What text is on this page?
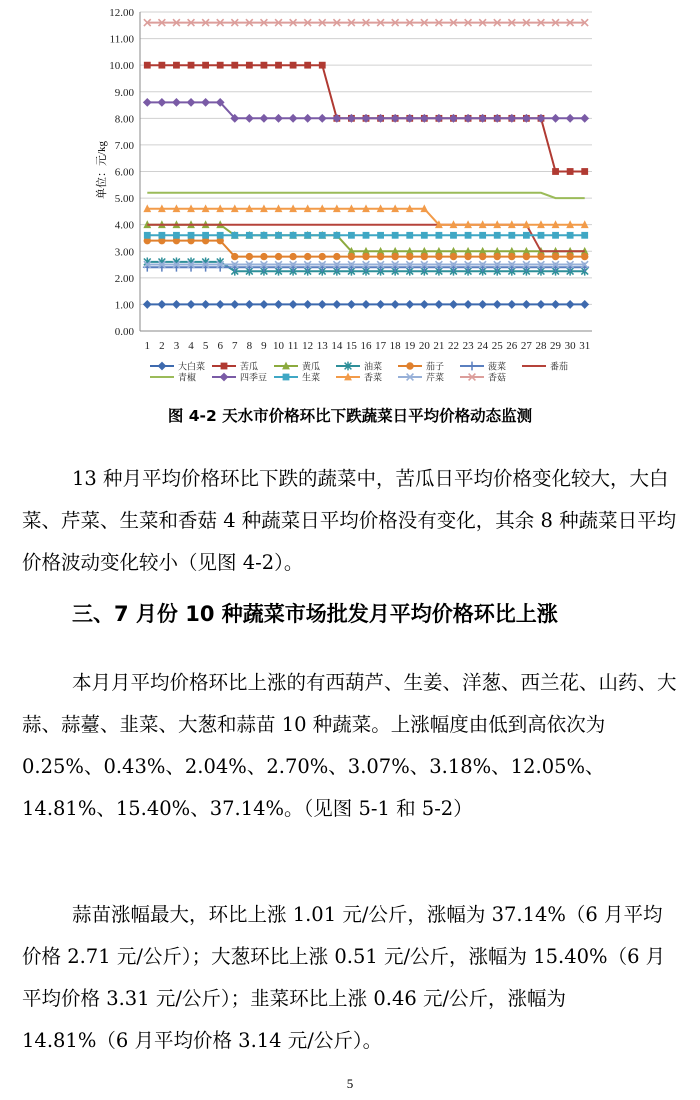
0.00
1.00
2.00
3.00
4.00
5.00
6.00
7.00
8.00
9.00
10.00
11.00
12.00
1 2 3 4 5 6 7 8 9 10 11 12 13 14 15 16 17 18 19 20 21 22 23 24 25 26 27 28 29 30 31
单位：元/kg
大白菜	苦瓜	黄瓜	油菜	茄子	菠菜	番茄
青椒	四季豆	生菜	香菜	芹菜	香菇
图 4-2 天水市价格环比下跌蔬菜日平均价格动态监测

13 种月平均价格环比下跌的蔬菜中，苦瓜日平均价格变化较大，大白菜、芹菜、生菜和香菇 4 种蔬菜日平均价格没有变化，其余 8 种蔬菜日平均价格波动变化较小（见图 4-2）。

三、7 月份 10 种蔬菜市场批发月平均价格环比上涨

本月月平均价格环比上涨的有西葫芦、生姜、洋葱、西兰花、山药、大蒜、蒜薹、韭菜、大葱和蒜苗 10 种蔬菜。上涨幅度由低到高依次为 0.25%、0.43%、2.04%、2.70%、3.07%、3.18%、12.05%、14.81%、15.40%、37.14%。（见图 5-1 和 5-2）

蒜苗涨幅最大，环比上涨 1.01 元/公斤，涨幅为 37.14%（6 月平均价格 2.71 元/公斤）；大葱环比上涨 0.51 元/公斤，涨幅为 15.40%（6 月平均价格 3.31 元/公斤）；韭菜环比上涨 0.46 元/公斤，涨幅为 14.81%（6 月平均价格 3.14 元/公斤）。

5
